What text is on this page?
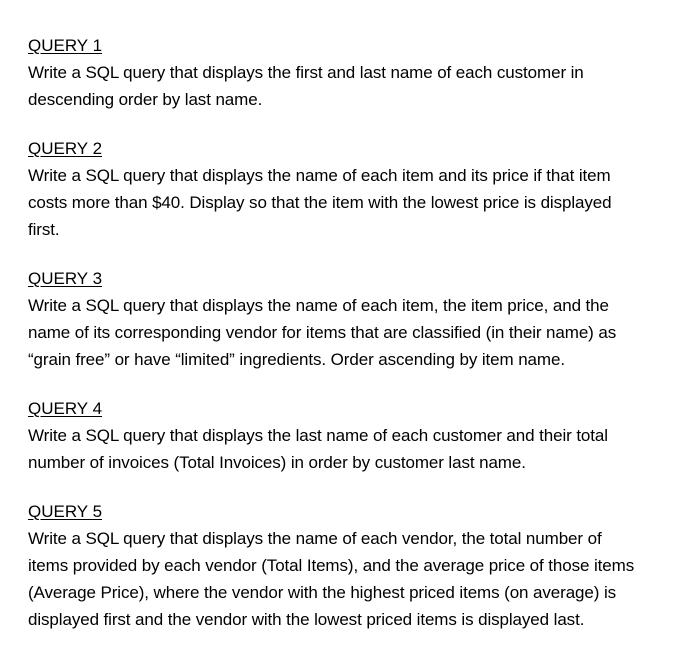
QUERY 1
Write a SQL query that displays the first and last name of each customer in
descending order by last name.
QUERY 2
Write a SQL query that displays the name of each item and its price if that item
costs more than $40. Display so that the item with the lowest price is displayed
first.
QUERY 3
Write a SQL query that displays the name of each item, the item price, and the
name of its corresponding vendor for items that are classified (in their name) as
“grain free” or have “limited” ingredients. Order ascending by item name.
QUERY 4
Write a SQL query that displays the last name of each customer and their total
number of invoices (Total Invoices) in order by customer last name.
QUERY 5
Write a SQL query that displays the name of each vendor, the total number of
items provided by each vendor (Total Items), and the average price of those items
(Average Price), where the vendor with the highest priced items (on average) is
displayed first and the vendor with the lowest priced items is displayed last.
